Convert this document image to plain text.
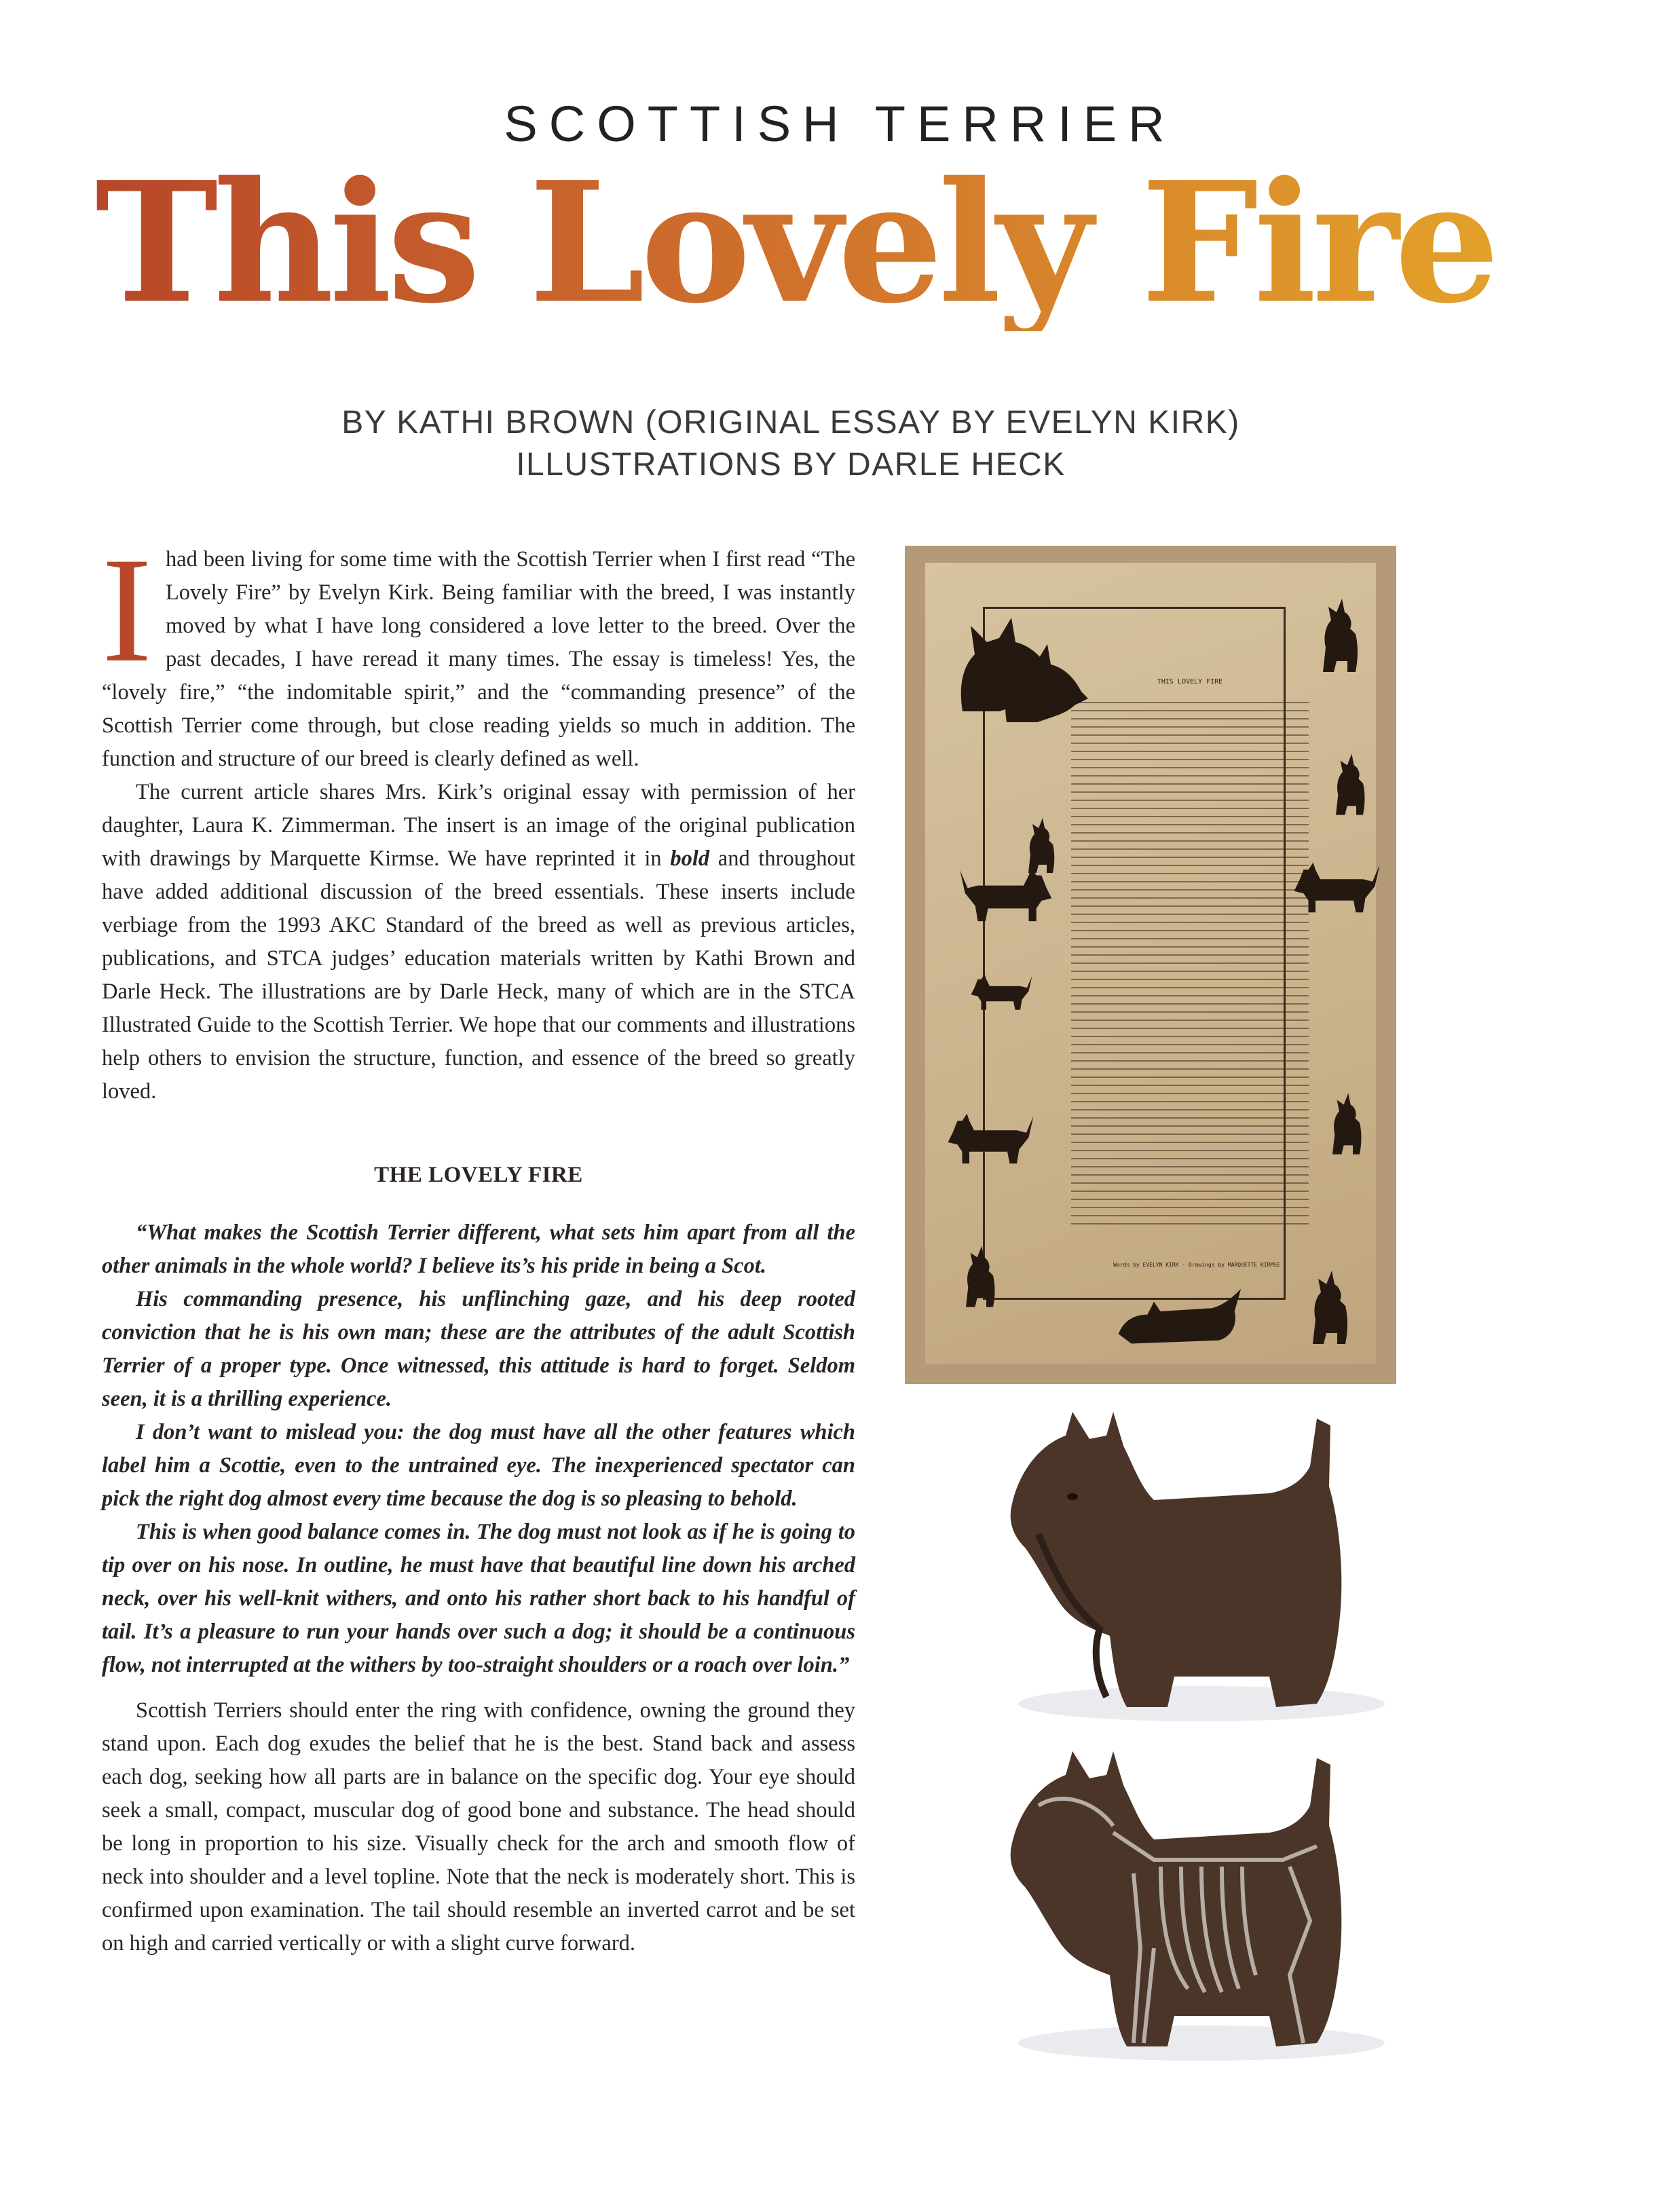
SCOTTISH TERRIER
This Lovely Fire
BY KATHI BROWN (ORIGINAL ESSAY BY EVELYN KIRK)
ILLUSTRATIONS BY DARLE HECK

Ihad been living for some time with the Scottish Terrier when I first read “The Lovely Fire” by Evelyn Kirk. Being familiar with the breed, I was instantly moved by what I have long considered a love letter to the breed. Over the past decades, I have reread it many times. The essay is timeless! Yes, the “lovely fire,” “the indomitable spirit,” and the “commanding presence” of the Scottish Terrier come through, but close reading yields so much in addition. The function and structure of our breed is clearly defined as well.

The current article shares Mrs. Kirk’s original essay with permission of her daughter, Laura K. Zimmerman. The insert is an image of the original publication with drawings by Marquette Kirmse. We have reprinted it in bold and throughout have added additional discussion of the breed essentials. These inserts include verbiage from the 1993 AKC Standard of the breed as well as previous articles, publications, and STCA judges’ education materials written by Kathi Brown and Darle Heck. The illustrations are by Darle Heck, many of which are in the STCA Illustrated Guide to the Scottish Terrier. We hope that our comments and illustrations help others to envision the structure, function, and essence of the breed so greatly loved.

THE LOVELY FIRE

“What makes the Scottish Terrier different, what sets him apart from all the other animals in the whole world? I believe its’s his pride in being a Scot.

His commanding presence, his unflinching gaze, and his deep rooted conviction that he is his own man; these are the attributes of the adult Scottish Terrier of a proper type. Once witnessed, this attitude is hard to forget. Seldom seen, it is a thrilling experience.

I don’t want to mislead you: the dog must have all the other features which label him a Scottie, even to the untrained eye. The inexperienced spectator can pick the right dog almost every time because the dog is so pleasing to behold.

This is when good balance comes in. The dog must not look as if he is going to tip over on his nose. In outline, he must have that beautiful line down his arched neck, over his well-knit withers, and onto his rather short back to his handful of tail. It’s a pleasure to run your hands over such a dog; it should be a continuous flow, not interrupted at the withers by too-straight shoulders or a roach over loin.”

Scottish Terriers should enter the ring with confidence, owning the ground they stand upon. Each dog exudes the belief that he is the best. Stand back and assess each dog, seeking how all parts are in balance on the specific dog. Your eye should seek a small, compact, muscular dog of good bone and substance. The head should be long in proportion to his size. Visually check for the arch and smooth flow of neck into shoulder and a level topline. Note that the neck is moderately short. This is confirmed upon examination. The tail should resemble an inverted carrot and be set on high and carried vertically or with a slight curve forward.

THIS LOVELY FIRE
Words by EVELYN KIRK · Drawings by MARQUETTE KIRMSE
